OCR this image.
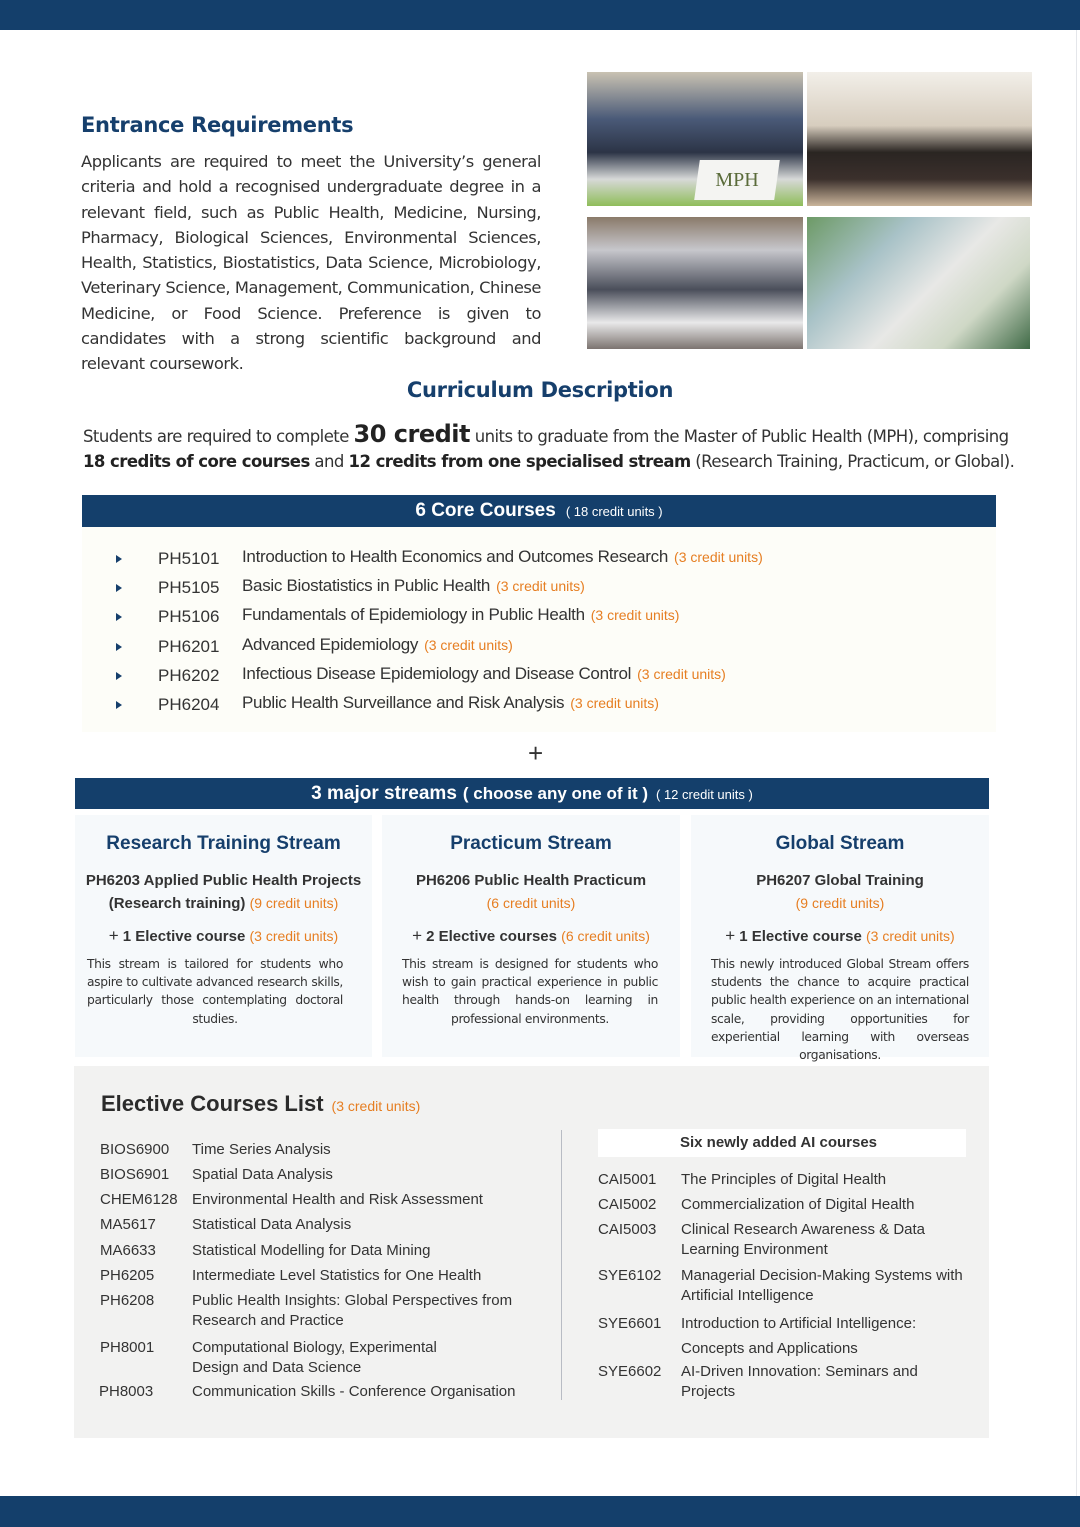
Entrance Requirements
Applicants are required to meet the University’s general criteria and hold a recognised undergraduate degree in a relevant field, such as Public Health, Medicine, Nursing, Pharmacy, Biological Sciences, Environmental Sciences, Health, Statistics, Biostatistics, Data Science, Microbiology, Veterinary Science, Management, Communication, Chinese Medicine, or Food Science. Preference is given to candidates with a strong scientific background and relevant coursework.
MPH
Curriculum Description
Students are required to complete 30 credit units to graduate from the Master of Public Health (MPH), comprising
18 credits of core courses and 12 credits from one specialised stream (Research Training, Practicum, or Global).
6 Core Courses ( 18 credit units )
PH5101 Introduction to Health Economics and Outcomes Research (3 credit units)
PH5105 Basic Biostatistics in Public Health (3 credit units)
PH5106 Fundamentals of Epidemiology in Public Health (3 credit units)
PH6201 Advanced Epidemiology (3 credit units)
PH6202 Infectious Disease Epidemiology and Disease Control (3 credit units)
PH6204 Public Health Surveillance and Risk Analysis (3 credit units)
+
3 major streams ( choose any one of it ) ( 12 credit units )
Research Training Stream
PH6203 Applied Public Health Projects
(Research training) (9 credit units)
+ 1 Elective course (3 credit units)
This stream is tailored for students who aspire to cultivate advanced research skills, particularly those contemplating doctoral studies.
Practicum Stream
PH6206 Public Health Practicum
(6 credit units)
+ 2 Elective courses (6 credit units)
This stream is designed for students who wish to gain practical experience in public health through hands-on learning in professional environments.
Global Stream
PH6207 Global Training
(9 credit units)
+ 1 Elective course (3 credit units)
This newly introduced Global Stream offers students the chance to acquire practical public health experience on an international scale, providing opportunities for experiential learning with overseas organisations.
Elective Courses List (3 credit units)
BIOS6900	Time Series Analysis
BIOS6901	Spatial Data Analysis
CHEM6128 Environmental Health and Risk Assessment
MA5617	Statistical Data Analysis
MA6633	Statistical Modelling for Data Mining
PH6205	Intermediate Level Statistics for One Health
PH6208	Public Health Insights: Global Perspectives from Research and Practice
PH8001	Computational Biology, Experimental Design and Data Science
PH8003	Communication Skills - Conference Organisation
Six newly added AI courses
CAI5001	The Principles of Digital Health
CAI5002	Commercialization of Digital Health
CAI5003	Clinical Research Awareness & Data Learning Environment
SYE6102	Managerial Decision-Making Systems with Artificial Intelligence
SYE6601	Introduction to Artificial Intelligence: Concepts and Applications
SYE6602	AI-Driven Innovation: Seminars and Projects
